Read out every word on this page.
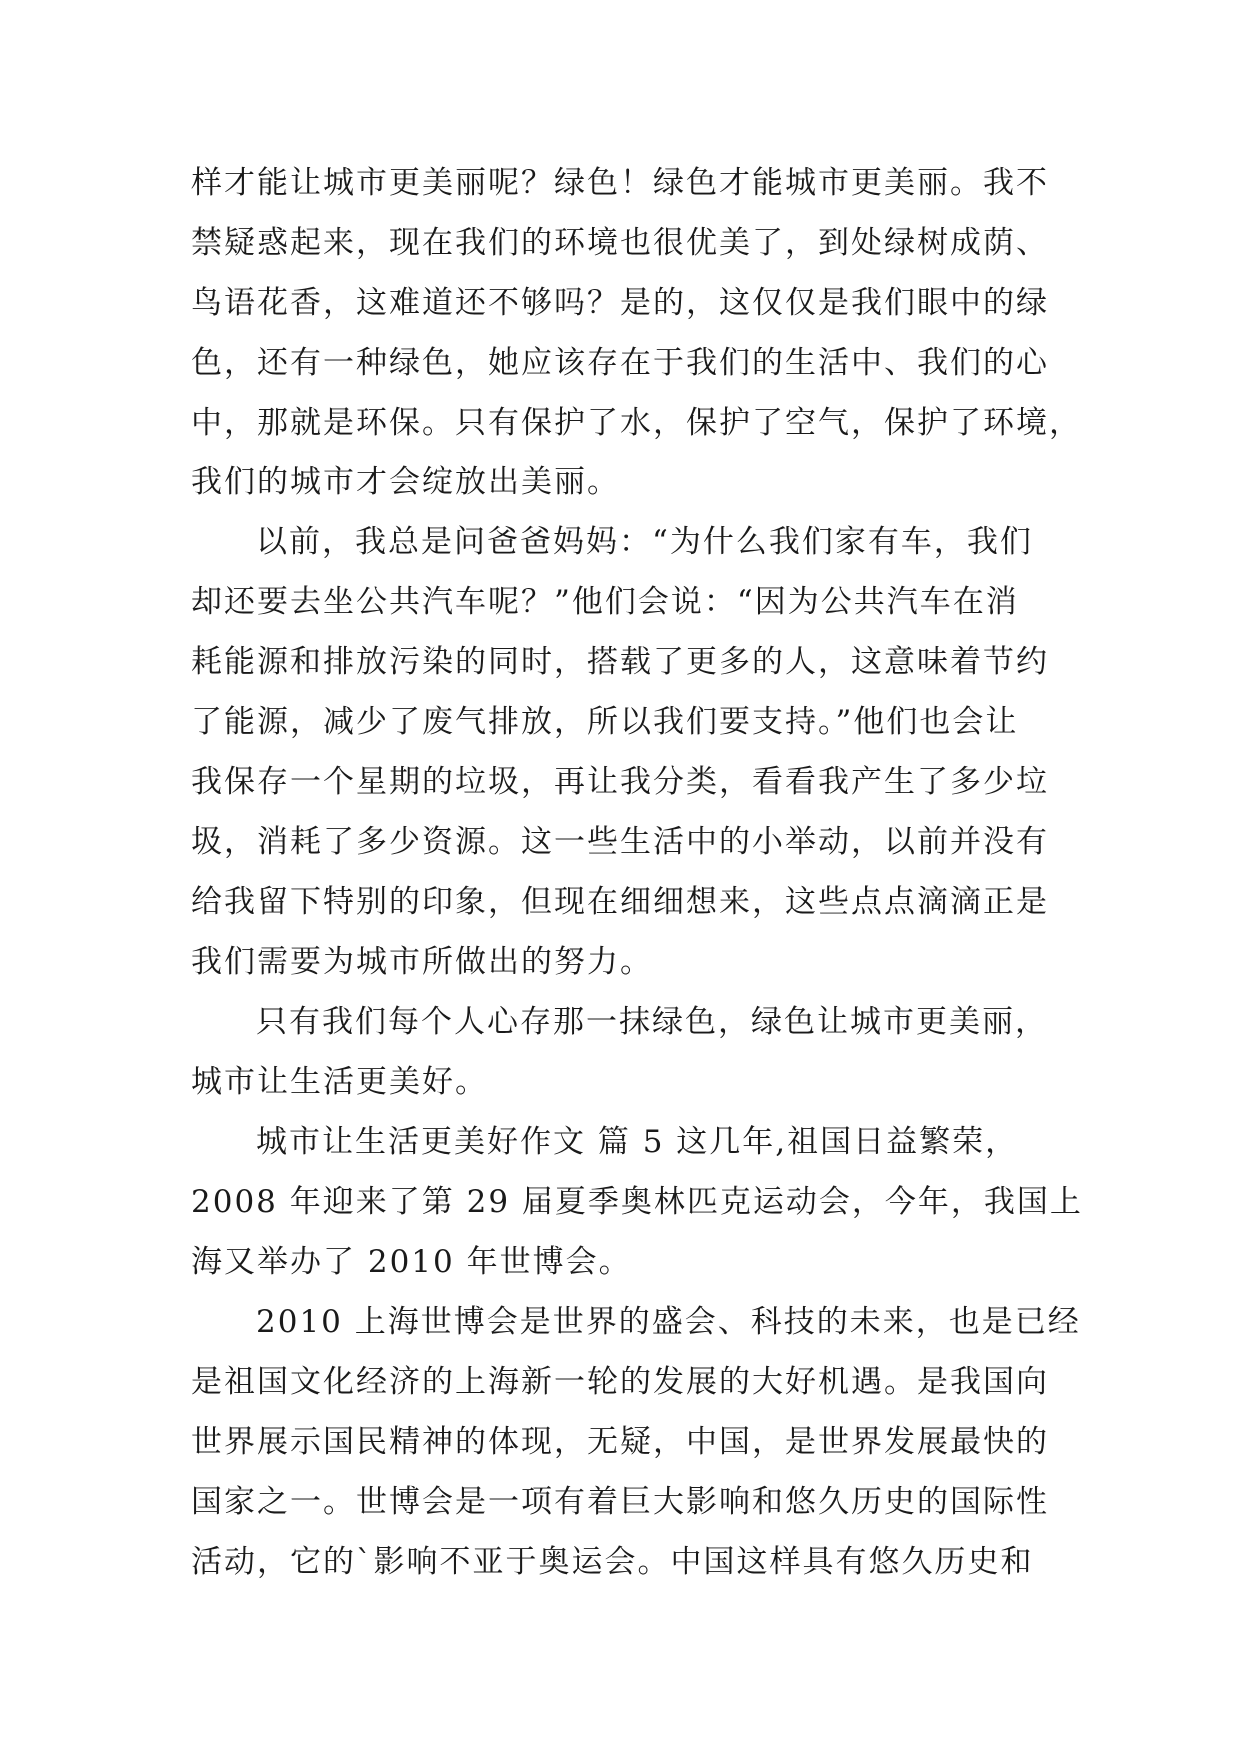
样才能让城市更美丽呢？绿色！绿色才能城市更美丽。我不
禁疑惑起来，现在我们的环境也很优美了，到处绿树成荫、
鸟语花香，这难道还不够吗？是的，这仅仅是我们眼中的绿
色，还有一种绿色，她应该存在于我们的生活中、我们的心
中，那就是环保。只有保护了水，保护了空气，保护了环境，
我们的城市才会绽放出美丽。
以前，我总是问爸爸妈妈：“为什么我们家有车，我们
却还要去坐公共汽车呢？”他们会说：“因为公共汽车在消
耗能源和排放污染的同时，搭载了更多的人，这意味着节约
了能源，减少了废气排放，所以我们要支持。”他们也会让
我保存一个星期的垃圾，再让我分类，看看我产生了多少垃
圾，消耗了多少资源。这一些生活中的小举动，以前并没有
给我留下特别的印象，但现在细细想来，这些点点滴滴正是
我们需要为城市所做出的努力。
只有我们每个人心存那一抹绿色，绿色让城市更美丽，
城市让生活更美好。
城市让生活更美好作文 篇 5 这几年,祖国日益繁荣，
2008 年迎来了第 29 届夏季奥林匹克运动会，今年，我国上
海又举办了 2010 年世博会。
2010 上海世博会是世界的盛会、科技的未来，也是已经
是祖国文化经济的上海新一轮的发展的大好机遇。是我国向
世界展示国民精神的体现，无疑，中国，是世界发展最快的
国家之一。世博会是一项有着巨大影响和悠久历史的国际性
活动，它的`影响不亚于奥运会。中国这样具有悠久历史和
